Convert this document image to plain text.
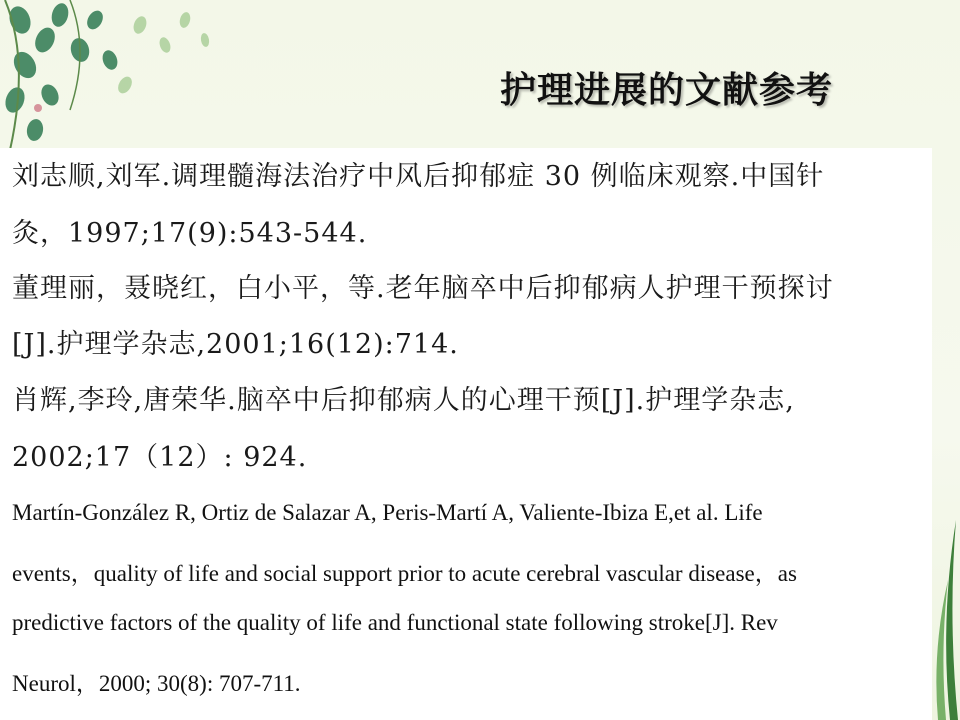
护理进展的文献参考

刘志顺,刘军.调理髓海法治疗中风后抑郁症 30 例临床观察.中国针

灸，1997;17(9):543-544.

董理丽，聂晓红，白小平，等.老年脑卒中后抑郁病人护理干预探讨

[J].护理学杂志,2001;16(12):714.

肖辉,李玲,唐荣华.脑卒中后抑郁病人的心理干预[J].护理学杂志,

2002;17（12）: 924.

Martín-González R, Ortiz de Salazar A, Peris-Martí A, Valiente-Ibiza E,et al. Life

events，quality of life and social support prior to acute cerebral vascular disease，as

predictive factors of the quality of life and functional state following stroke[J]. Rev

Neurol，2000; 30(8): 707-711.
